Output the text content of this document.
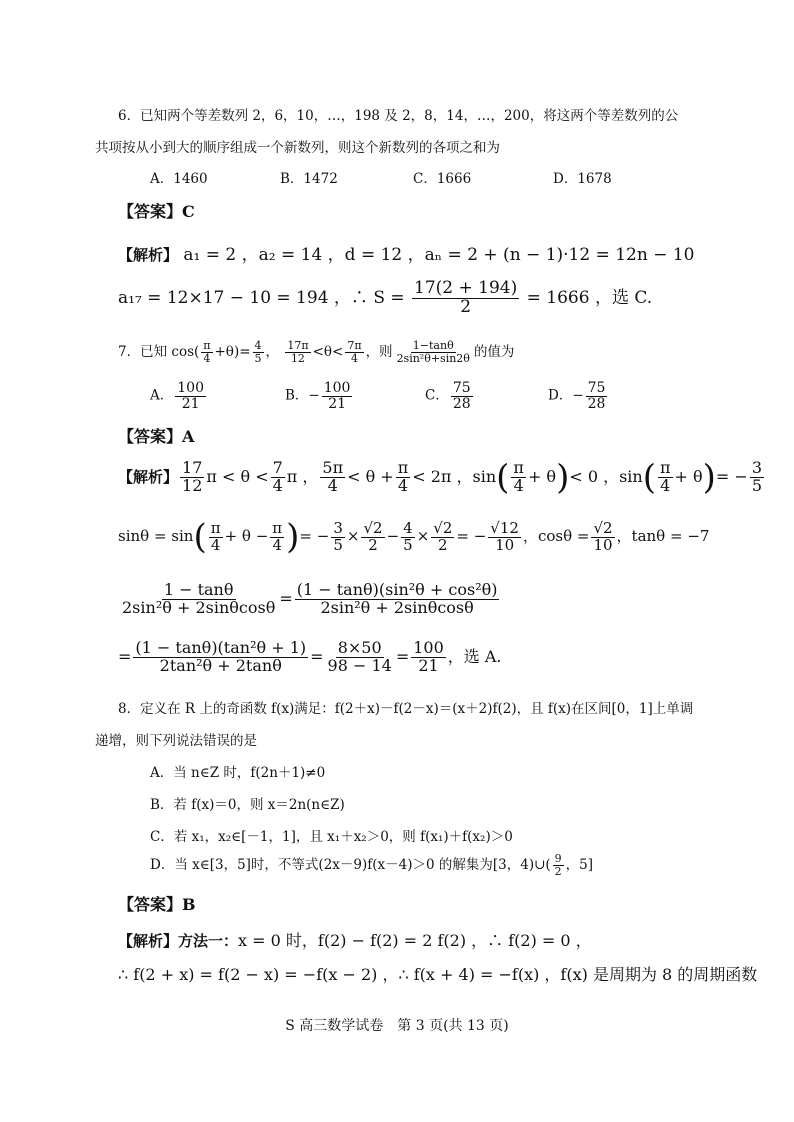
6．已知两个等差数列 2，6，10，…，198 及 2，8，14，…，200，将这两个等差数列的公
共项按从小到大的顺序组成一个新数列，则这个新数列的各项之和为
A．1460	B．1472	C．1666	D．1678
【答案】C
【解析】 a₁ = 2 ，a₂ = 14 ，d = 12 ，aₙ = 2 + (n − 1)·12 = 12n − 10
a₁₇ = 12×17 − 10 = 194 ，∴ $S = \frac{17(2 + 194)}{2} = 1666$ ，选 C.
7．已知 $\cos( \frac{\pi}{4} +\theta)= \frac{4}{5}$ ， $\frac{17\pi}{12} <\theta< \frac{7\pi}{4}$ ，则 $\frac{1-\tan\theta}{\text{2sin²θ+sin2θ}}$ 的值为
A． $\frac{100}{21}$	B．− $\frac{100}{21}$	C． $\frac{75}{28}$	D．− $\frac{75}{28}$
【答案】A
【解析】 $\frac{17}{12}$ $\pi < \theta < \frac{7}{4}$ π ， $\frac{5\pi}{4} < \theta + \frac{\pi}{4} < 2\pi$ ，$\sin( \frac{\pi}{4} + \theta)< 0$ ，$\sin( \frac{\pi}{4} + \theta)= - \frac{3}{5}$
$\sin\theta = \sin( \frac{\pi}{4} + \theta - \frac{\pi}{4}$ )= − $\frac{3}{5} \times \frac{√2}{2} - \frac{4}{5} \times \frac{√2}{2}$ = − $\frac{√12}{10}$ ，$\cos\theta = \frac{√2}{10}$ ，tanθ = −7
$\frac{1 - \tan\theta}{\text{2sin²θ + 2sinθcosθ}} = \frac{\text{(1 − tanθ)(sin²θ + cos²θ)}}{\text{2sin²θ + 2sinθcosθ}}$
= $\frac{\text{(1 − tanθ)(tan²θ + 1)}}{\text{2tan²θ + 2tanθ}} = \frac{8\times 50}{98 - 14} = \frac{100}{21}$ ，选 A.
8．定义在 R 上的奇函数 f(x)满足：f(2＋x)－f(2－x)＝(x＋2)f(2)，且 f(x)在区间[0，1]上单调
递增，则下列说法错误的是
A．当 n∈Z 时，f(2n＋1)≠0
B．若 f(x)＝0，则 x＝2n(n∈Z)
C．若 x₁，x₂∈[－1，1]，且 x₁＋x₂＞0，则 f(x₁)＋f(x₂)＞0
D．当 x∈[3，5]时，不等式(2x－9)f(x－4)＞0 的解集为[3，4)∪( $\frac{9}{2}$ ，5]
【答案】B
【解析】方法一：x = 0 时，f(2) − f(2) = 2 f(2) ，∴ f(2) = 0 ，
∴ f(2 + x) = f(2 − x) = −f(x − 2) ，∴ f(x + 4) = −f(x) ，f(x) 是周期为 8 的周期函数
S 高三数学试卷　第 3 页(共 13 页)
